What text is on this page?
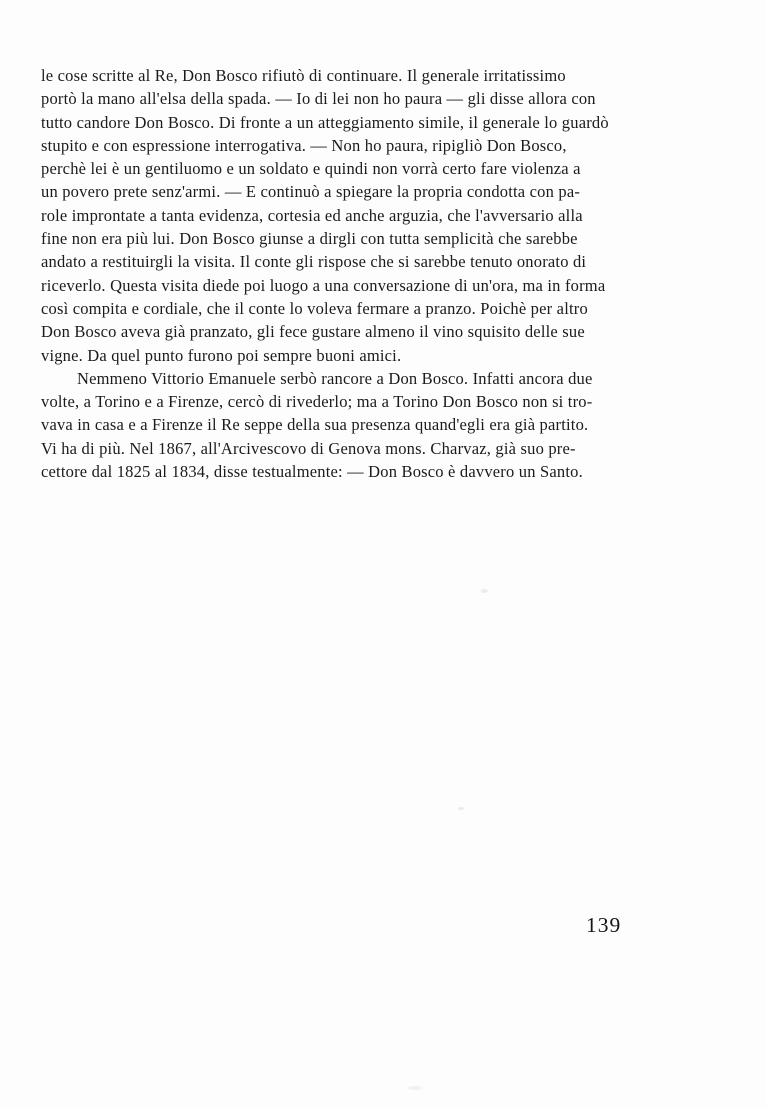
le cose scritte al Re, Don Bosco rifiutò di continuare. Il generale irritatissimo
portò la mano all'elsa della spada. — Io di lei non ho paura — gli disse allora con
tutto candore Don Bosco. Di fronte a un atteggiamento simile, il generale lo guardò
stupito e con espressione interrogativa. — Non ho paura, ripigliò Don Bosco,
perchè lei è un gentiluomo e un soldato e quindi non vorrà certo fare violenza a
un povero prete senz'armi. — E continuò a spiegare la propria condotta con pa-
role improntate a tanta evidenza, cortesia ed anche arguzia, che l'avversario alla
fine non era più lui. Don Bosco giunse a dirgli con tutta semplicità che sarebbe
andato a restituirgli la visita. Il conte gli rispose che si sarebbe tenuto onorato di
riceverlo. Questa visita diede poi luogo a una conversazione di un'ora, ma in forma
così compita e cordiale, che il conte lo voleva fermare a pranzo. Poichè per altro
Don Bosco aveva già pranzato, gli fece gustare almeno il vino squisito delle sue
vigne. Da quel punto furono poi sempre buoni amici.
Nemmeno Vittorio Emanuele serbò rancore a Don Bosco. Infatti ancora due
volte, a Torino e a Firenze, cercò di rivederlo; ma a Torino Don Bosco non si tro-
vava in casa e a Firenze il Re seppe della sua presenza quand'egli era già partito.
Vi ha di più. Nel 1867, all'Arcivescovo di Genova mons. Charvaz, già suo pre-
cettore dal 1825 al 1834, disse testualmente: — Don Bosco è davvero un Santo.
139
